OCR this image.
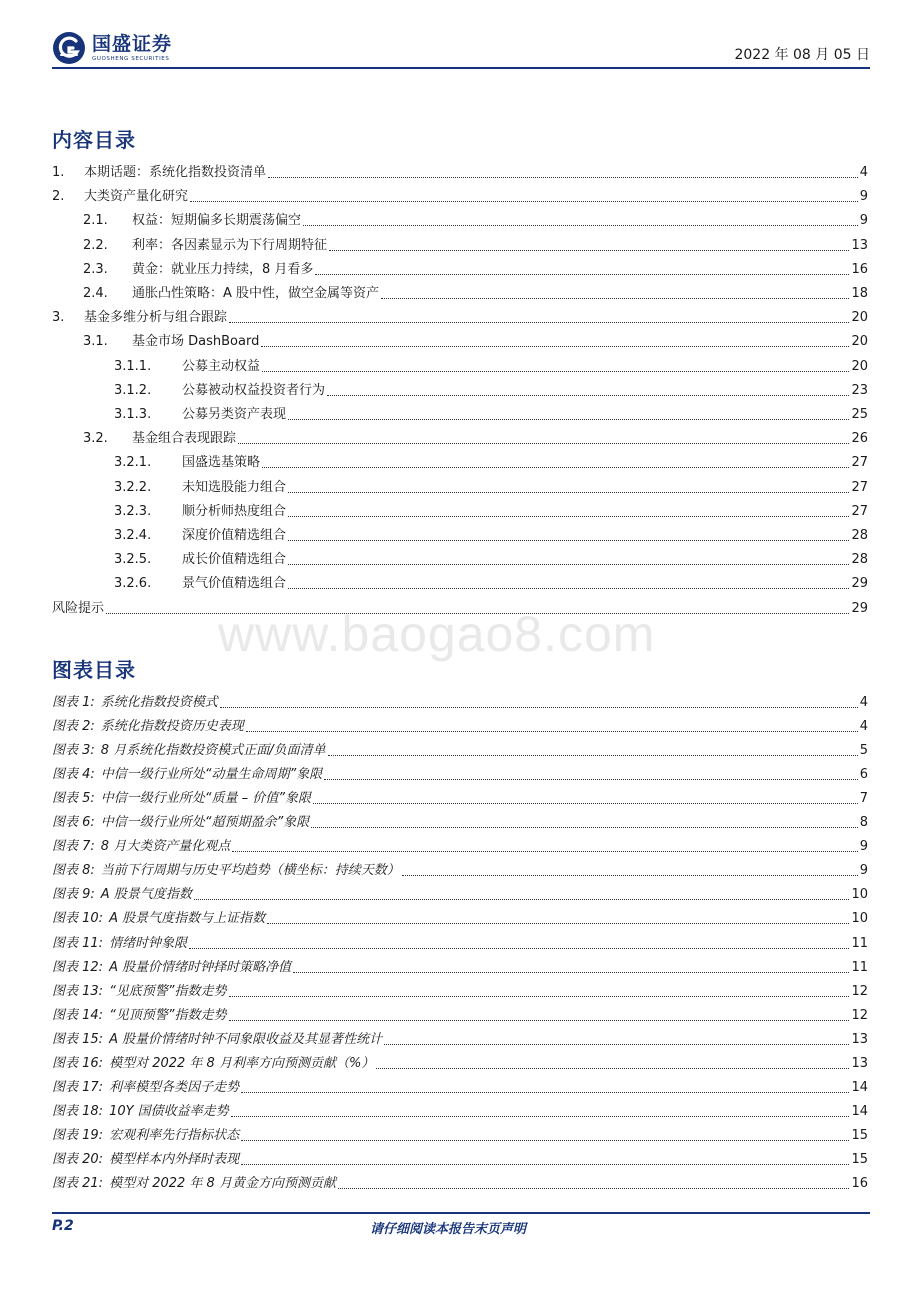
国盛证券
GUOSHENG SECURITIES	2022 年 08 月 05 日
内容目录
1.	本期话题：系统化指数投资清单	4
2.	大类资产量化研究	9
2.1.	权益：短期偏多长期震荡偏空	9
2.2.	利率：各因素显示为下行周期特征	13
2.3.	黄金：就业压力持续，8 月看多	16
2.4.	通胀凸性策略：A 股中性，做空金属等资产	18
3.	基金多维分析与组合跟踪	20
3.1.	基金市场 DashBoard	20
3.1.1.	公募主动权益	20
3.1.2.	公募被动权益投资者行为	23
3.1.3.	公募另类资产表现	25
3.2.	基金组合表现跟踪	26
3.2.1.	国盛选基策略	27
3.2.2.	未知选股能力组合	27
3.2.3.	顺分析师热度组合	27
3.2.4.	深度价值精选组合	28
3.2.5.	成长价值精选组合	28
3.2.6.	景气价值精选组合	29
风险提示	29
www.baogao8.com
图表目录
图表 1: 系统化指数投资模式	4
图表 2: 系统化指数投资历史表现	4
图表 3: 8 月系统化指数投资模式正面/负面清单	5
图表 4: 中信一级行业所处“动量生命周期”象限	6
图表 5: 中信一级行业所处“质量 – 价值”象限	7
图表 6: 中信一级行业所处“超预期盈余”象限	8
图表 7: 8 月大类资产量化观点	9
图表 8: 当前下行周期与历史平均趋势（横坐标：持续天数）	9
图表 9: A 股景气度指数	10
图表 10: A 股景气度指数与上证指数	10
图表 11: 情绪时钟象限	11
图表 12: A 股量价情绪时钟择时策略净值	11
图表 13: “见底预警”指数走势	12
图表 14: “见顶预警”指数走势	12
图表 15: A 股量价情绪时钟不同象限收益及其显著性统计	13
图表 16: 模型对 2022 年 8 月利率方向预测贡献（%）	13
图表 17: 利率模型各类因子走势	14
图表 18: 10Y 国债收益率走势	14
图表 19: 宏观利率先行指标状态	15
图表 20: 模型样本内外择时表现	15
图表 21: 模型对 2022 年 8 月黄金方向预测贡献	16
P.2	请仔细阅读本报告末页声明
